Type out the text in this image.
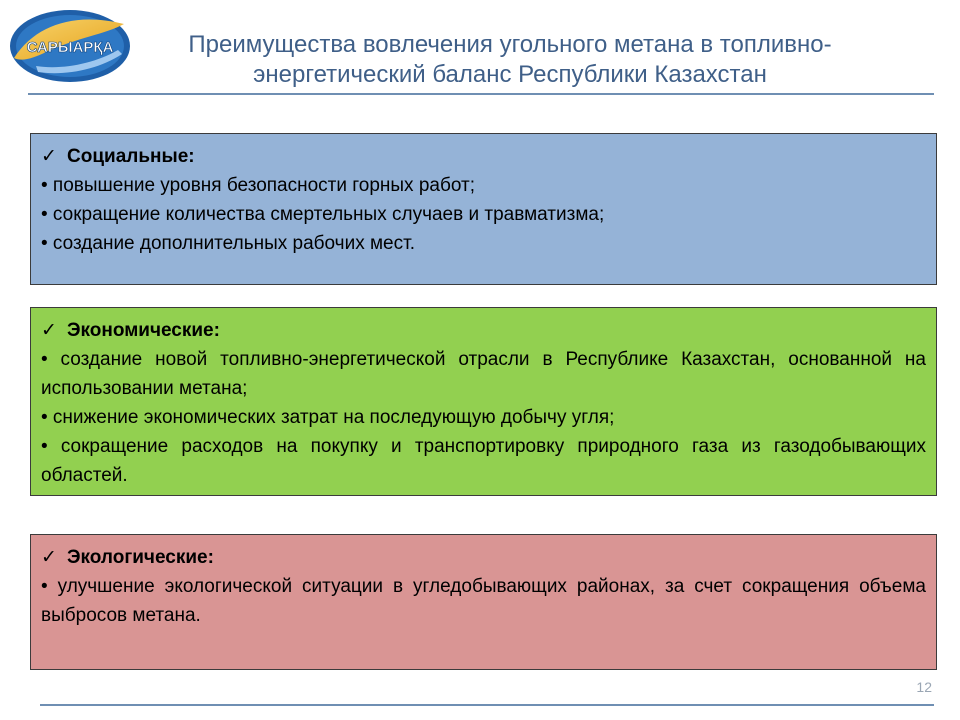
САРЫАРҚА	Преимущества вовлечения угольного метана в топливно-
энергетический баланс Республики Казахстан
✓ Социальные:

• повышение уровня безопасности горных работ;

• сокращение количества смертельных случаев и травматизма;

• создание дополнительных рабочих мест.

✓ Экономические:

• создание новой топливно-энергетической отрасли в Республике Казахстан, основанной на использовании метана;

• снижение экономических затрат на последующую добычу угля;

• сокращение расходов на покупку и транспортировку природного газа из газодобывающих областей.

✓ Экологические:

• улучшение экологической ситуации в угледобывающих районах, за счет сокращения объема выбросов метана.

12
